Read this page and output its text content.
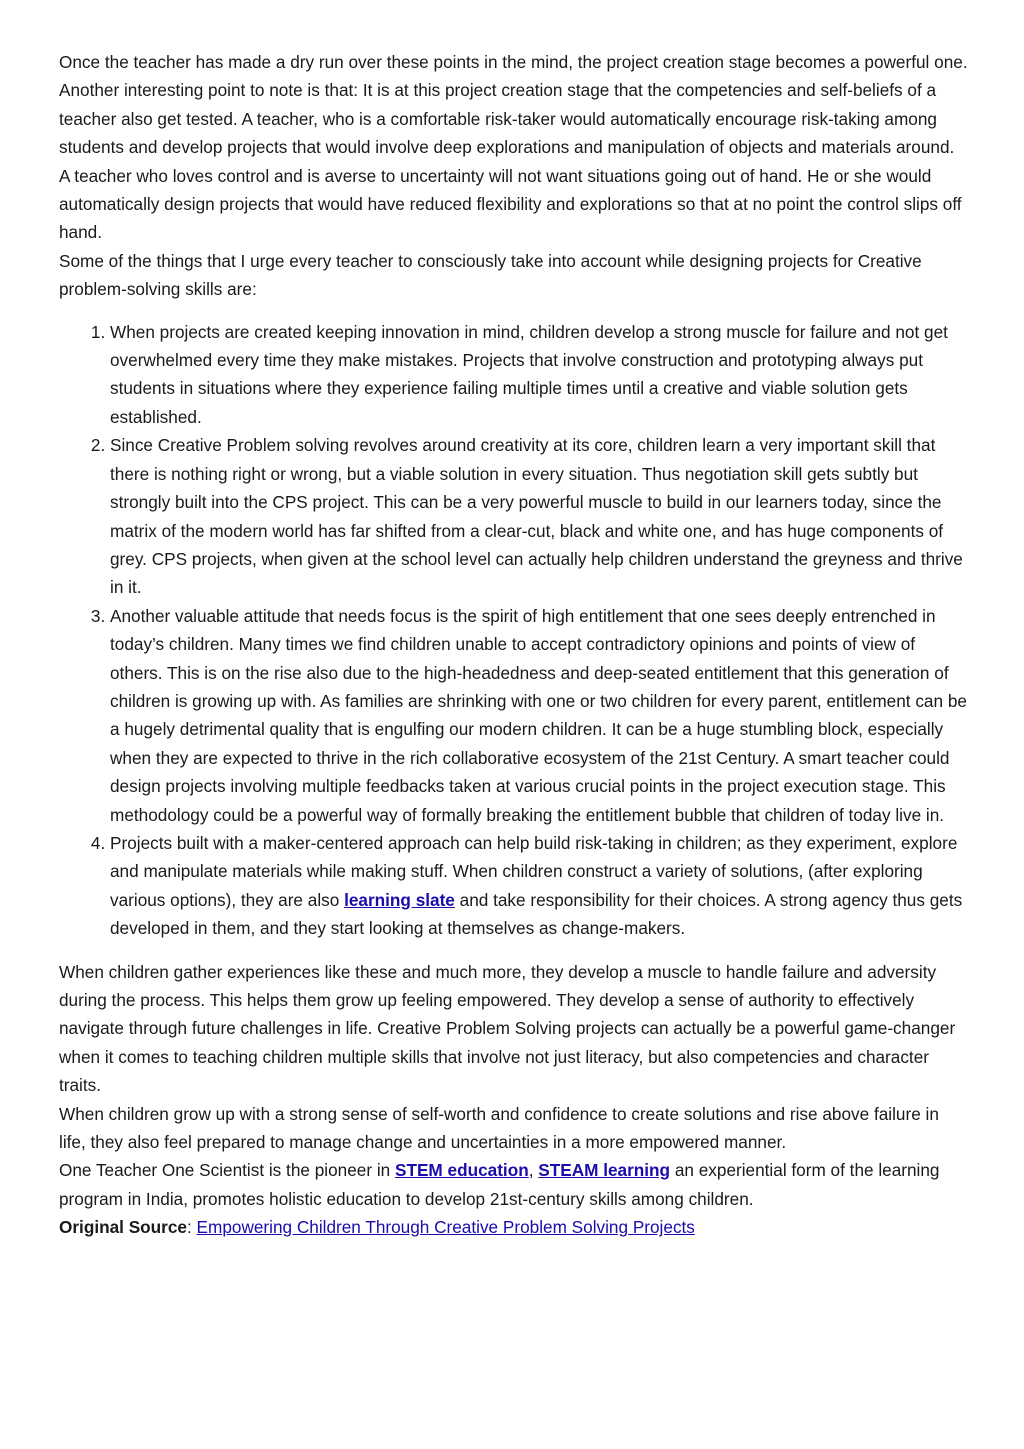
Once the teacher has made a dry run over these points in the mind, the project creation stage becomes a powerful one.

Another interesting point to note is that: It is at this project creation stage that the competencies and self-beliefs of a teacher also get tested. A teacher, who is a comfortable risk-taker would automatically encourage risk-taking among students and develop projects that would involve deep explorations and manipulation of objects and materials around. A teacher who loves control and is averse to uncertainty will not want situations going out of hand. He or she would automatically design projects that would have reduced flexibility and explorations so that at no point the control slips off hand.

Some of the things that I urge every teacher to consciously take into account while designing projects for Creative problem-solving skills are:

1. When projects are created keeping innovation in mind, children develop a strong muscle for failure and not get overwhelmed every time they make mistakes. Projects that involve construction and prototyping always put students in situations where they experience failing multiple times until a creative and viable solution gets established.
2. Since Creative Problem solving revolves around creativity at its core, children learn a very important skill that there is nothing right or wrong, but a viable solution in every situation. Thus negotiation skill gets subtly but strongly built into the CPS project. This can be a very powerful muscle to build in our learners today, since the matrix of the modern world has far shifted from a clear-cut, black and white one, and has huge components of grey. CPS projects, when given at the school level can actually help children understand the greyness and thrive in it.
3. Another valuable attitude that needs focus is the spirit of high entitlement that one sees deeply entrenched in today’s children. Many times we find children unable to accept contradictory opinions and points of view of others. This is on the rise also due to the high-headedness and deep-seated entitlement that this generation of children is growing up with. As families are shrinking with one or two children for every parent, entitlement can be a hugely detrimental quality that is engulfing our modern children. It can be a huge stumbling block, especially when they are expected to thrive in the rich collaborative ecosystem of the 21st Century. A smart teacher could design projects involving multiple feedbacks taken at various crucial points in the project execution stage. This methodology could be a powerful way of formally breaking the entitlement bubble that children of today live in.
4. Projects built with a maker-centered approach can help build risk-taking in children; as they experiment, explore and manipulate materials while making stuff. When children construct a variety of solutions, (after exploring various options), they are also learning slate and take responsibility for their choices. A strong agency thus gets developed in them, and they start looking at themselves as change-makers.

When children gather experiences like these and much more, they develop a muscle to handle failure and adversity during the process. This helps them grow up feeling empowered. They develop a sense of authority to effectively navigate through future challenges in life. Creative Problem Solving projects can actually be a powerful game-changer when it comes to teaching children multiple skills that involve not just literacy, but also competencies and character traits.

When children grow up with a strong sense of self-worth and confidence to create solutions and rise above failure in life, they also feel prepared to manage change and uncertainties in a more empowered manner.

One Teacher One Scientist is the pioneer in STEM education, STEAM learning an experiential form of the learning program in India, promotes holistic education to develop 21st-century skills among children.

Original Source: Empowering Children Through Creative Problem Solving Projects
